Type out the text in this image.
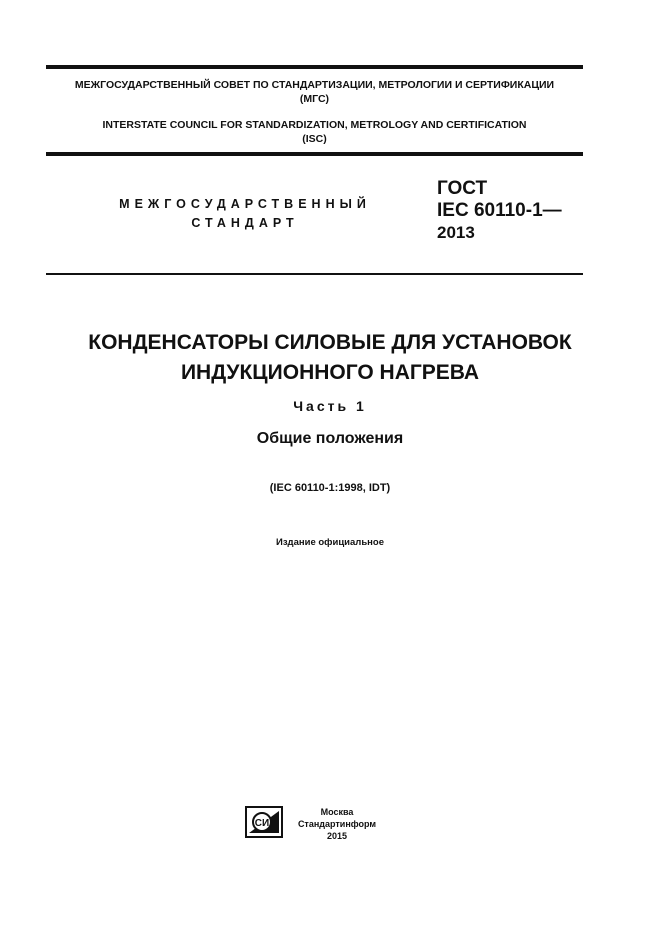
МЕЖГОСУДАРСТВЕННЫЙ СОВЕТ ПО СТАНДАРТИЗАЦИИ, МЕТРОЛОГИИ И СЕРТИФИКАЦИИ
(МГС)
INTERSTATE COUNCIL FOR STANDARDIZATION, METROLOGY AND CERTIFICATION
(ISC)
МЕЖГОСУДАРСТВЕННЫЙ
СТАНДАРТ
ГОСТ
IEC 60110-1—
2013
КОНДЕНСАТОРЫ СИЛОВЫЕ ДЛЯ УСТАНОВОК
ИНДУКЦИОННОГО НАГРЕВА
Часть 1
Общие положения
(IEC 60110-1:1998, IDT)
Издание официальное
СИ
Москва
Стандартинформ
2015
